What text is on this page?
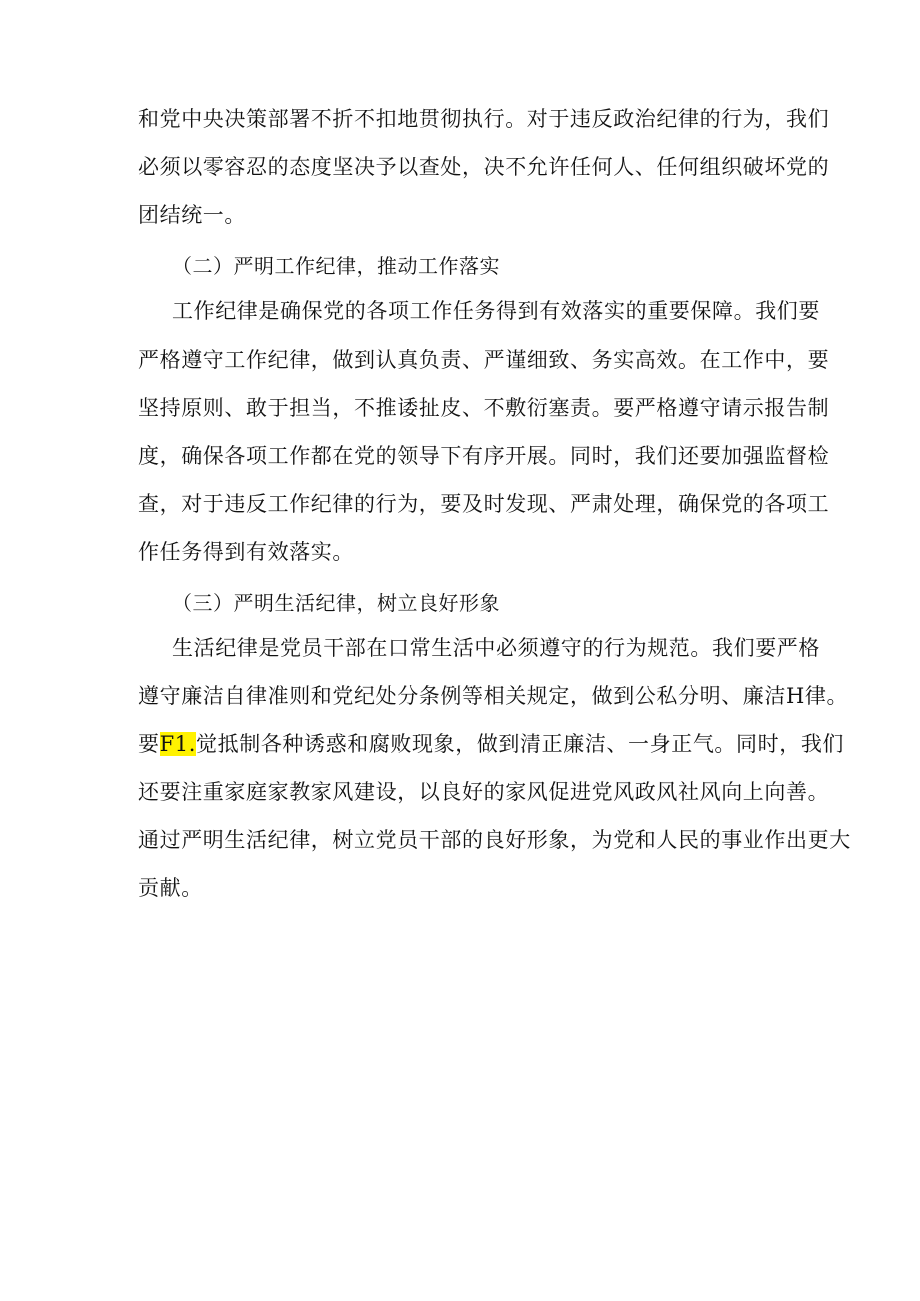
和党中央决策部署不折不扣地贯彻执行。对于违反政治纪律的行为，我们
必须以零容忍的态度坚决予以查处，决不允许任何人、任何组织破坏党的
团结统一。
（二）严明工作纪律，推动工作落实
工作纪律是确保党的各项工作任务得到有效落实的重要保障。我们要
严格遵守工作纪律，做到认真负责、严谨细致、务实高效。在工作中，要
坚持原则、敢于担当，不推诿扯皮、不敷衍塞责。要严格遵守请示报告制
度，确保各项工作都在党的领导下有序开展。同时，我们还要加强监督检
查，对于违反工作纪律的行为，要及时发现、严肃处理，确保党的各项工
作任务得到有效落实。
（三）严明生活纪律，树立良好形象
生活纪律是党员干部在口常生活中必须遵守的行为规范。我们要严格
遵守廉洁自律准则和党纪处分条例等相关规定，做到公私分明、廉洁H律。
要F1.觉抵制各种诱惑和腐败现象，做到清正廉洁、一身正气。同时，我们
还要注重家庭家教家风建设，以良好的家风促进党风政风社风向上向善。
通过严明生活纪律，树立党员干部的良好形象，为党和人民的事业作出更大
贡献。
